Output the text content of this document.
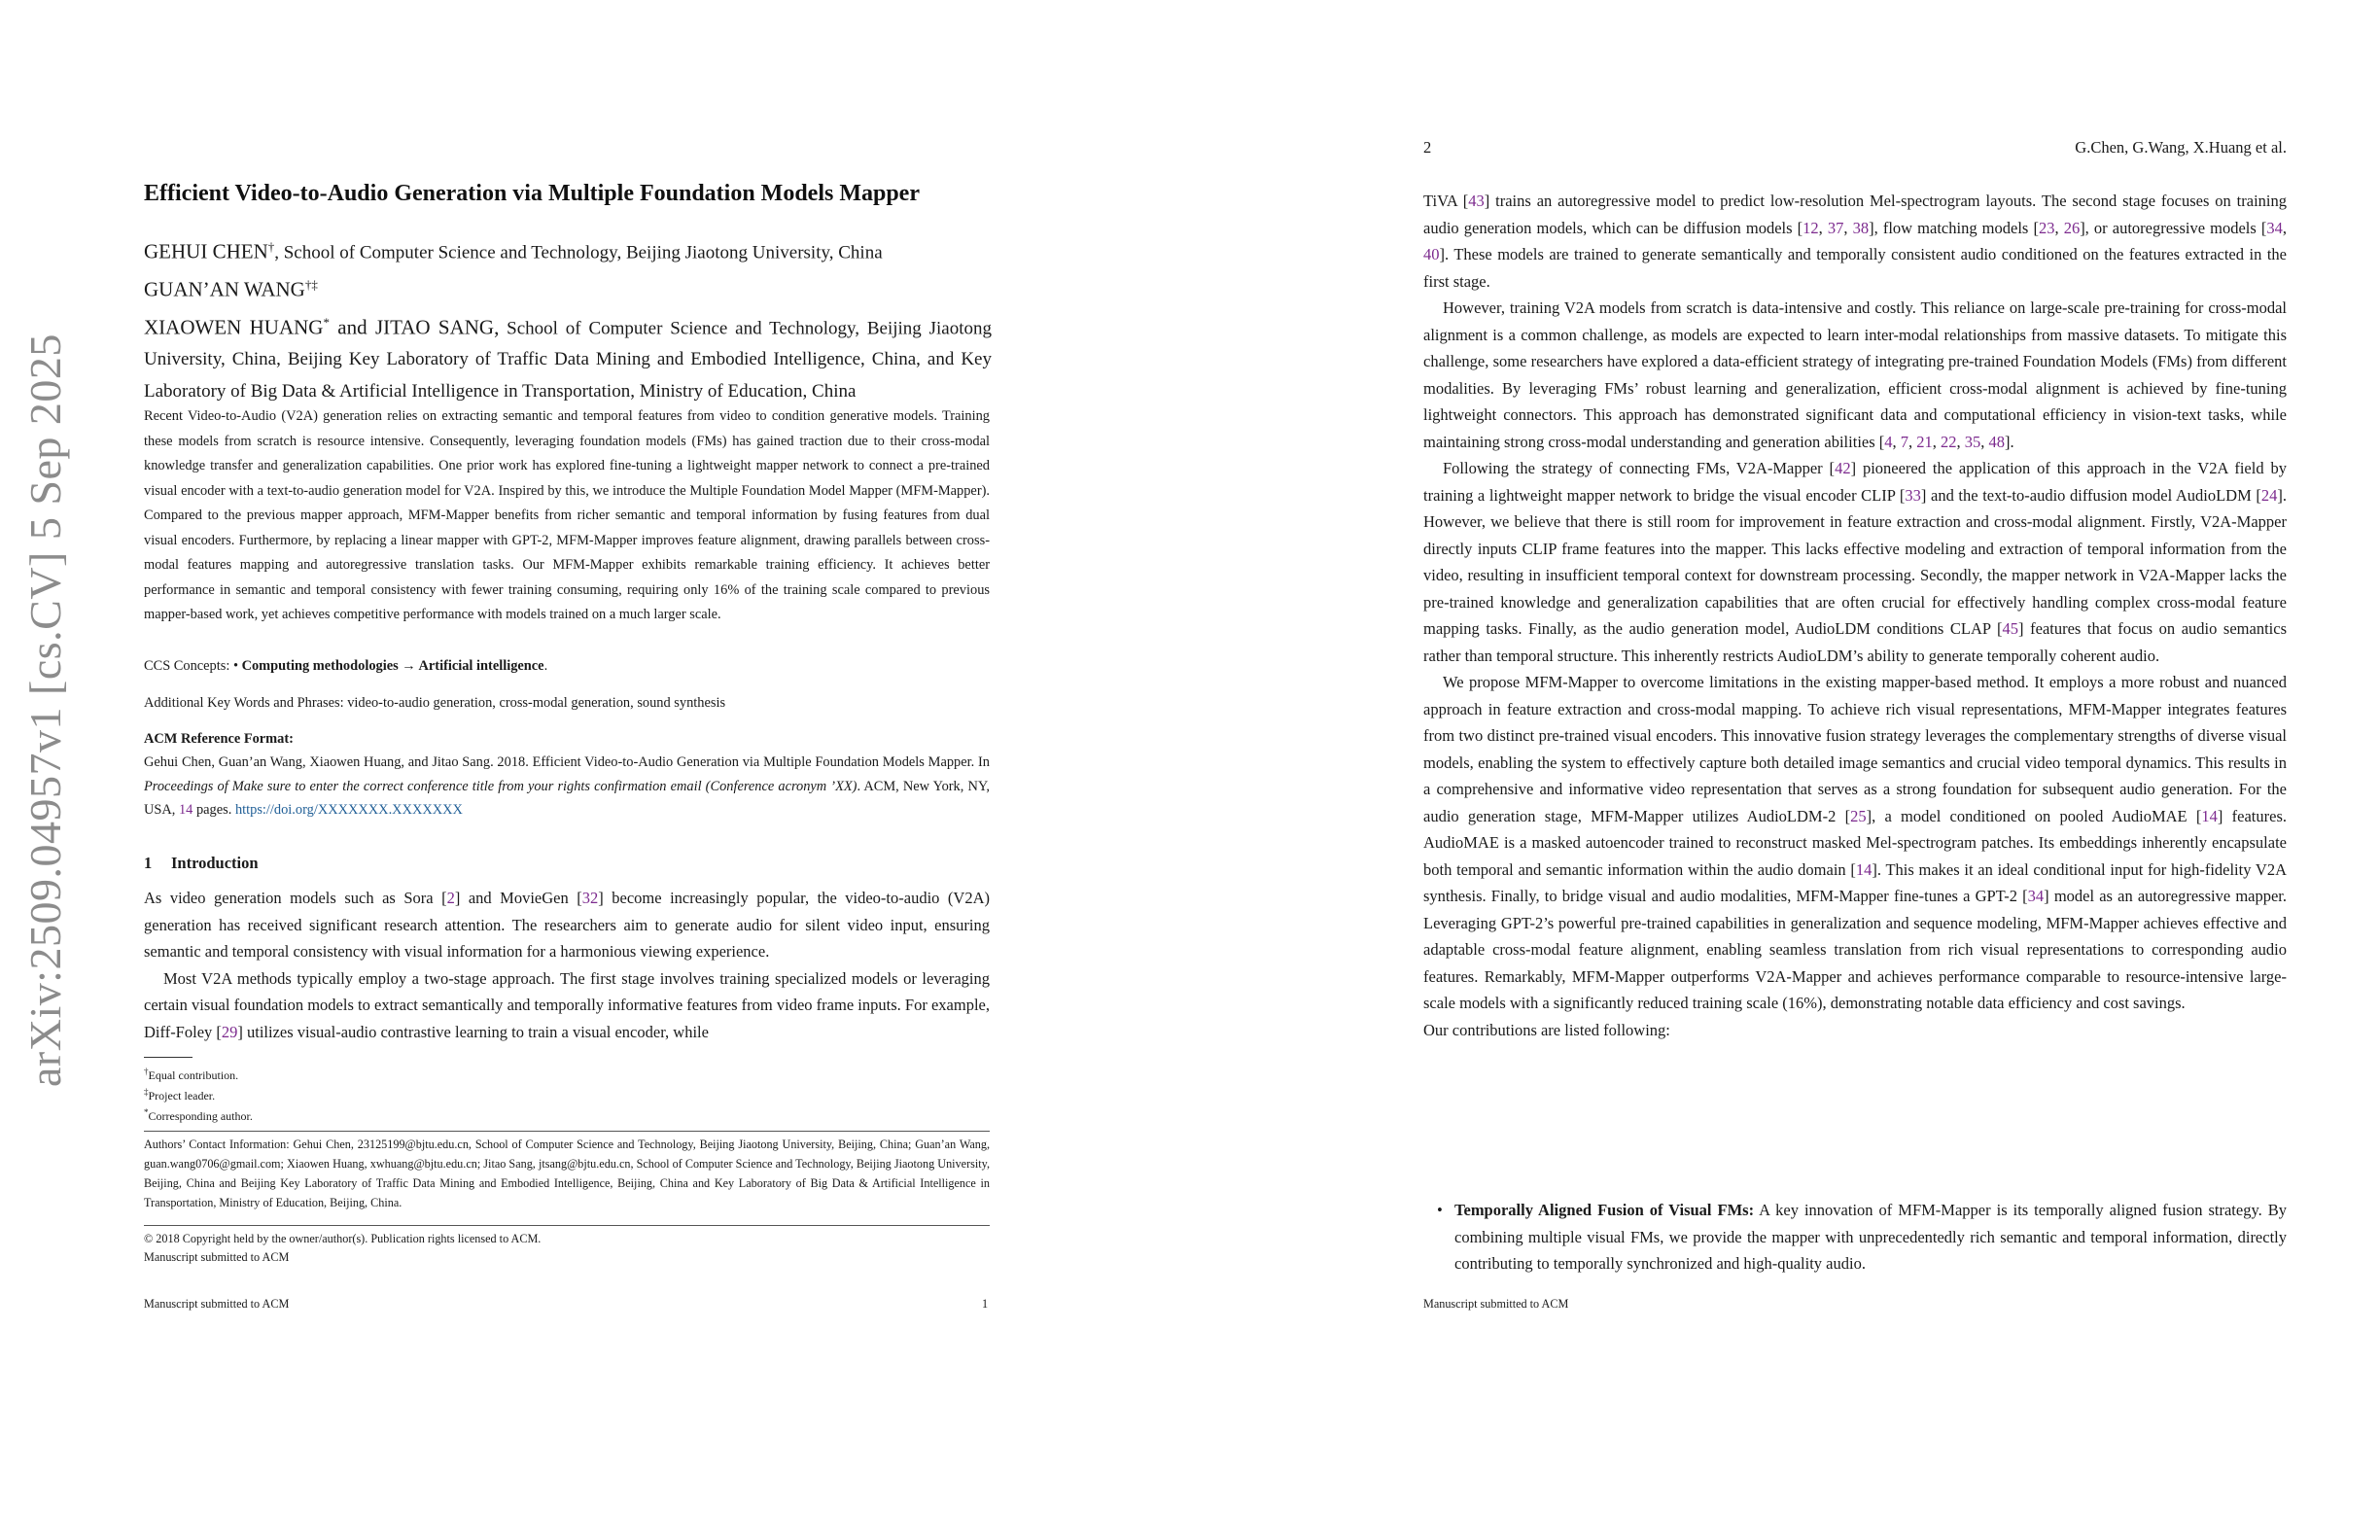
arXiv:2509.04957v1 [cs.CV] 5 Sep 2025
Efficient Video-to-Audio Generation via Multiple Foundation Models Mapper
GEHUI CHEN†, School of Computer Science and Technology, Beijing Jiaotong University, China
GUAN’AN WANG†‡
XIAOWEN HUANG* and JITAO SANG, School of Computer Science and Technology, Beijing Jiaotong University, China, Beijing Key Laboratory of Traffic Data Mining and Embodied Intelligence, China, and Key Laboratory of Big Data & Artificial Intelligence in Transportation, Ministry of Education, China

Recent Video-to-Audio (V2A) generation relies on extracting semantic and temporal features from video to condition generative models. Training these models from scratch is resource intensive. Consequently, leveraging foundation models (FMs) has gained traction due to their cross-modal knowledge transfer and generalization capabilities. One prior work has explored fine-tuning a lightweight mapper network to connect a pre-trained visual encoder with a text-to-audio generation model for V2A. Inspired by this, we introduce the Multiple Foundation Model Mapper (MFM-Mapper). Compared to the previous mapper approach, MFM-Mapper benefits from richer semantic and temporal information by fusing features from dual visual encoders. Furthermore, by replacing a linear mapper with GPT-2, MFM-Mapper improves feature alignment, drawing parallels between cross-modal features mapping and autoregressive translation tasks. Our MFM-Mapper exhibits remarkable training efficiency. It achieves better performance in semantic and temporal consistency with fewer training consuming, requiring only 16% of the training scale compared to previous mapper-based work, yet achieves competitive performance with models trained on a much larger scale.

CCS Concepts: • Computing methodologies → Artificial intelligence.
Additional Key Words and Phrases: video-to-audio generation, cross-modal generation, sound synthesis
ACM Reference Format:
Gehui Chen, Guan’an Wang, Xiaowen Huang, and Jitao Sang. 2018. Efficient Video-to-Audio Generation via Multiple Foundation Models Mapper. In Proceedings of Make sure to enter the correct conference title from your rights confirmation email (Conference acronym ’XX). ACM, New York, NY, USA, 14 pages. https://doi.org/XXXXXXX.XXXXXXX
1 Introduction

As video generation models such as Sora [2] and MovieGen [32] become increasingly popular, the video-to-audio (V2A) generation has received significant research attention. The researchers aim to generate audio for silent video input, ensuring semantic and temporal consistency with visual information for a harmonious viewing experience.

Most V2A methods typically employ a two-stage approach. The first stage involves training specialized models or leveraging certain visual foundation models to extract semantically and temporally informative features from video frame inputs. For example, Diff-Foley [29] utilizes visual-audio contrastive learning to train a visual encoder, while

†Equal contribution.
‡Project leader.
*Corresponding author.
Authors’ Contact Information: Gehui Chen, 23125199@bjtu.edu.cn, School of Computer Science and Technology, Beijing Jiaotong University, Beijing, China; Guan’an Wang, guan.wang0706@gmail.com; Xiaowen Huang, xwhuang@bjtu.edu.cn; Jitao Sang, jtsang@bjtu.edu.cn, School of Computer Science and Technology, Beijing Jiaotong University, Beijing, China and Beijing Key Laboratory of Traffic Data Mining and Embodied Intelligence, Beijing, China and Key Laboratory of Big Data & Artificial Intelligence in Transportation, Ministry of Education, Beijing, China.
© 2018 Copyright held by the owner/author(s). Publication rights licensed to ACM.
Manuscript submitted to ACM
Manuscript submitted to ACM	1
2	G.Chen, G.Wang, X.Huang et al.

TiVA [43] trains an autoregressive model to predict low-resolution Mel-spectrogram layouts. The second stage focuses on training audio generation models, which can be diffusion models [12, 37, 38], flow matching models [23, 26], or autoregressive models [34, 40]. These models are trained to generate semantically and temporally consistent audio conditioned on the features extracted in the first stage.

However, training V2A models from scratch is data-intensive and costly. This reliance on large-scale pre-training for cross-modal alignment is a common challenge, as models are expected to learn inter-modal relationships from massive datasets. To mitigate this challenge, some researchers have explored a data-efficient strategy of integrating pre-trained Foundation Models (FMs) from different modalities. By leveraging FMs’ robust learning and generalization, efficient cross-modal alignment is achieved by fine-tuning lightweight connectors. This approach has demonstrated significant data and computational efficiency in vision-text tasks, while maintaining strong cross-modal understanding and generation abilities [4, 7, 21, 22, 35, 48].

Following the strategy of connecting FMs, V2A-Mapper [42] pioneered the application of this approach in the V2A field by training a lightweight mapper network to bridge the visual encoder CLIP [33] and the text-to-audio diffusion model AudioLDM [24]. However, we believe that there is still room for improvement in feature extraction and cross-modal alignment. Firstly, V2A-Mapper directly inputs CLIP frame features into the mapper. This lacks effective modeling and extraction of temporal information from the video, resulting in insufficient temporal context for downstream processing. Secondly, the mapper network in V2A-Mapper lacks the pre-trained knowledge and generalization capabilities that are often crucial for effectively handling complex cross-modal feature mapping tasks. Finally, as the audio generation model, AudioLDM conditions CLAP [45] features that focus on audio semantics rather than temporal structure. This inherently restricts AudioLDM’s ability to generate temporally coherent audio.

We propose MFM-Mapper to overcome limitations in the existing mapper-based method. It employs a more robust and nuanced approach in feature extraction and cross-modal mapping. To achieve rich visual representations, MFM-Mapper integrates features from two distinct pre-trained visual encoders. This innovative fusion strategy leverages the complementary strengths of diverse visual models, enabling the system to effectively capture both detailed image semantics and crucial video temporal dynamics. This results in a comprehensive and informative video representation that serves as a strong foundation for subsequent audio generation. For the audio generation stage, MFM-Mapper utilizes AudioLDM-2 [25], a model conditioned on pooled AudioMAE [14] features. AudioMAE is a masked autoencoder trained to reconstruct masked Mel-spectrogram patches. Its embeddings inherently encapsulate both temporal and semantic information within the audio domain [14]. This makes it an ideal conditional input for high-fidelity V2A synthesis. Finally, to bridge visual and audio modalities, MFM-Mapper fine-tunes a GPT-2 [34] model as an autoregressive mapper. Leveraging GPT-2’s powerful pre-trained capabilities in generalization and sequence modeling, MFM-Mapper achieves effective and adaptable cross-modal feature alignment, enabling seamless translation from rich visual representations to corresponding audio features. Remarkably, MFM-Mapper outperforms V2A-Mapper and achieves performance comparable to resource-intensive large-scale models with a significantly reduced training scale (16%), demonstrating notable data efficiency and cost savings.

Our contributions are listed following:

• Temporally Aligned Fusion of Visual FMs: A key innovation of MFM-Mapper is its temporally aligned fusion strategy. By combining multiple visual FMs, we provide the mapper with unprecedentedly rich semantic and temporal information, directly contributing to temporally synchronized and high-quality audio.
Manuscript submitted to ACM
